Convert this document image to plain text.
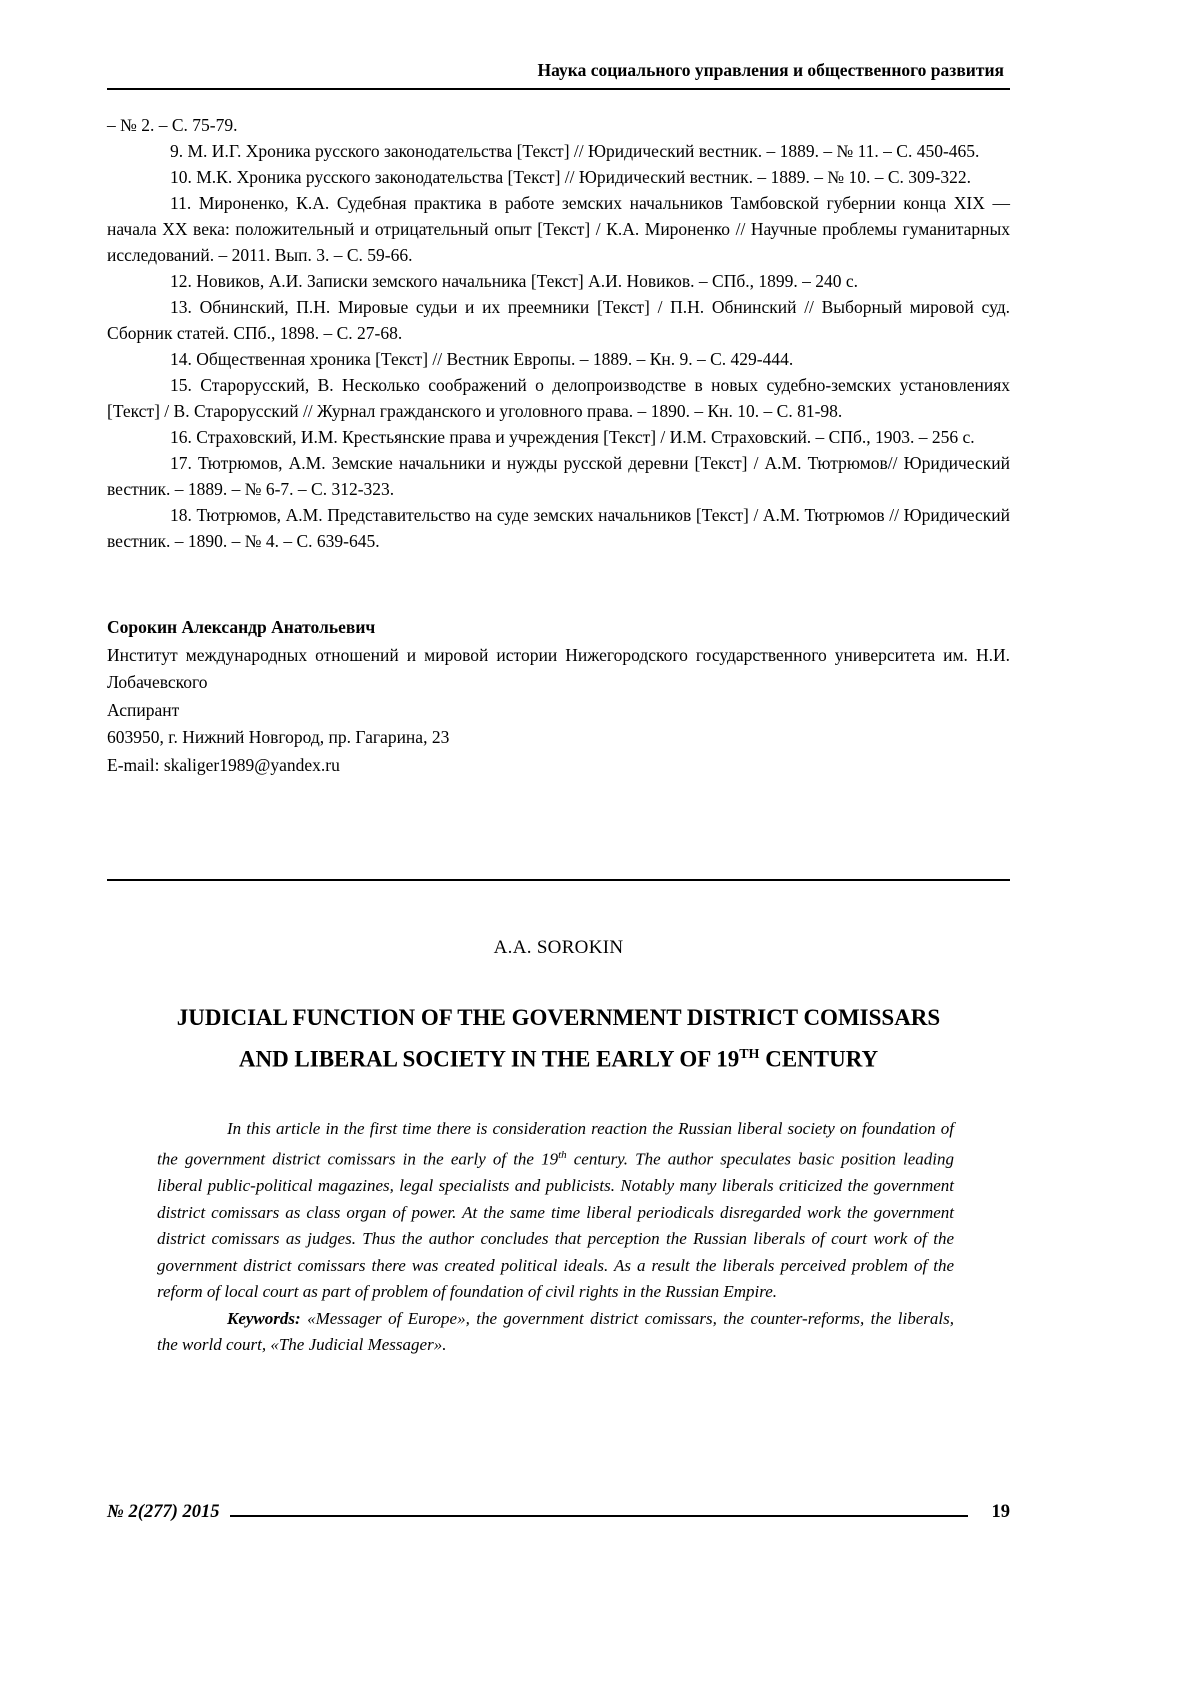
Наука социального управления и общественного развития

– № 2. – С. 75-79.

9. М. И.Г. Хроника русского законодательства [Текст] // Юридический вестник. – 1889. – № 11. – С. 450-465.

10. М.К. Хроника русского законодательства [Текст] // Юридический вестник. – 1889. – № 10. – С. 309-322.

11. Мироненко, К.А. Судебная практика в работе земских начальников Тамбовской губернии конца XIX — начала XX века: положительный и отрицательный опыт [Текст] / К.А. Мироненко // Научные проблемы гуманитарных исследований. – 2011. Вып. 3. – С. 59-66.

12. Новиков, А.И. Записки земского начальника [Текст] А.И. Новиков. – СПб., 1899. – 240 с.

13. Обнинский, П.Н. Мировые судьи и их преемники [Текст] / П.Н. Обнинский // Выборный мировой суд. Сборник статей. СПб., 1898. – С. 27-68.

14. Общественная хроника [Текст] // Вестник Европы. – 1889. – Кн. 9. – С. 429-444.

15. Старорусский, В. Несколько соображений о делопроизводстве в новых судебно-земских установлениях [Текст] / В. Старорусский // Журнал гражданского и уголовного права. – 1890. – Кн. 10. – С. 81-98.

16. Страховский, И.М. Крестьянские права и учреждения [Текст] / И.М. Страховский. – СПб., 1903. – 256 с.

17. Тютрюмов, А.М. Земские начальники и нужды русской деревни [Текст] / А.М. Тютрюмов// Юридический вестник. – 1889. – № 6-7. – С. 312-323.

18. Тютрюмов, А.М. Представительство на суде земских начальников [Текст] / А.М. Тютрюмов // Юридический вестник. – 1890. – № 4. – С. 639-645.

Сорокин Александр Анатольевич

Институт международных отношений и мировой истории Нижегородского государственного университета им. Н.И. Лобачевского

Аспирант

603950, г. Нижний Новгород, пр. Гагарина, 23

E-mail: skaliger1989@yandex.ru

A.A. SOROKIN
JUDICIAL FUNCTION OF THE GOVERNMENT DISTRICT COMISSARS
AND LIBERAL SOCIETY IN THE EARLY OF 19TH CENTURY

In this article in the first time there is consideration reaction the Russian liberal society on foundation of the government district comissars in the early of the 19th century. The author speculates basic position leading liberal public-political magazines, legal specialists and publicists. Notably many liberals criticized the government district comissars as class organ of power. At the same time liberal periodicals disregarded work the government district comissars as judges. Thus the author concludes that perception the Russian liberals of court work of the government district comissars there was created political ideals. As a result the liberals perceived problem of the reform of local court as part of problem of foundation of civil rights in the Russian Empire.

Keywords: «Messager of Europe», the government district comissars, the counter-reforms, the liberals, the world court, «The Judicial Messager».

№ 2(277) 2015	19
